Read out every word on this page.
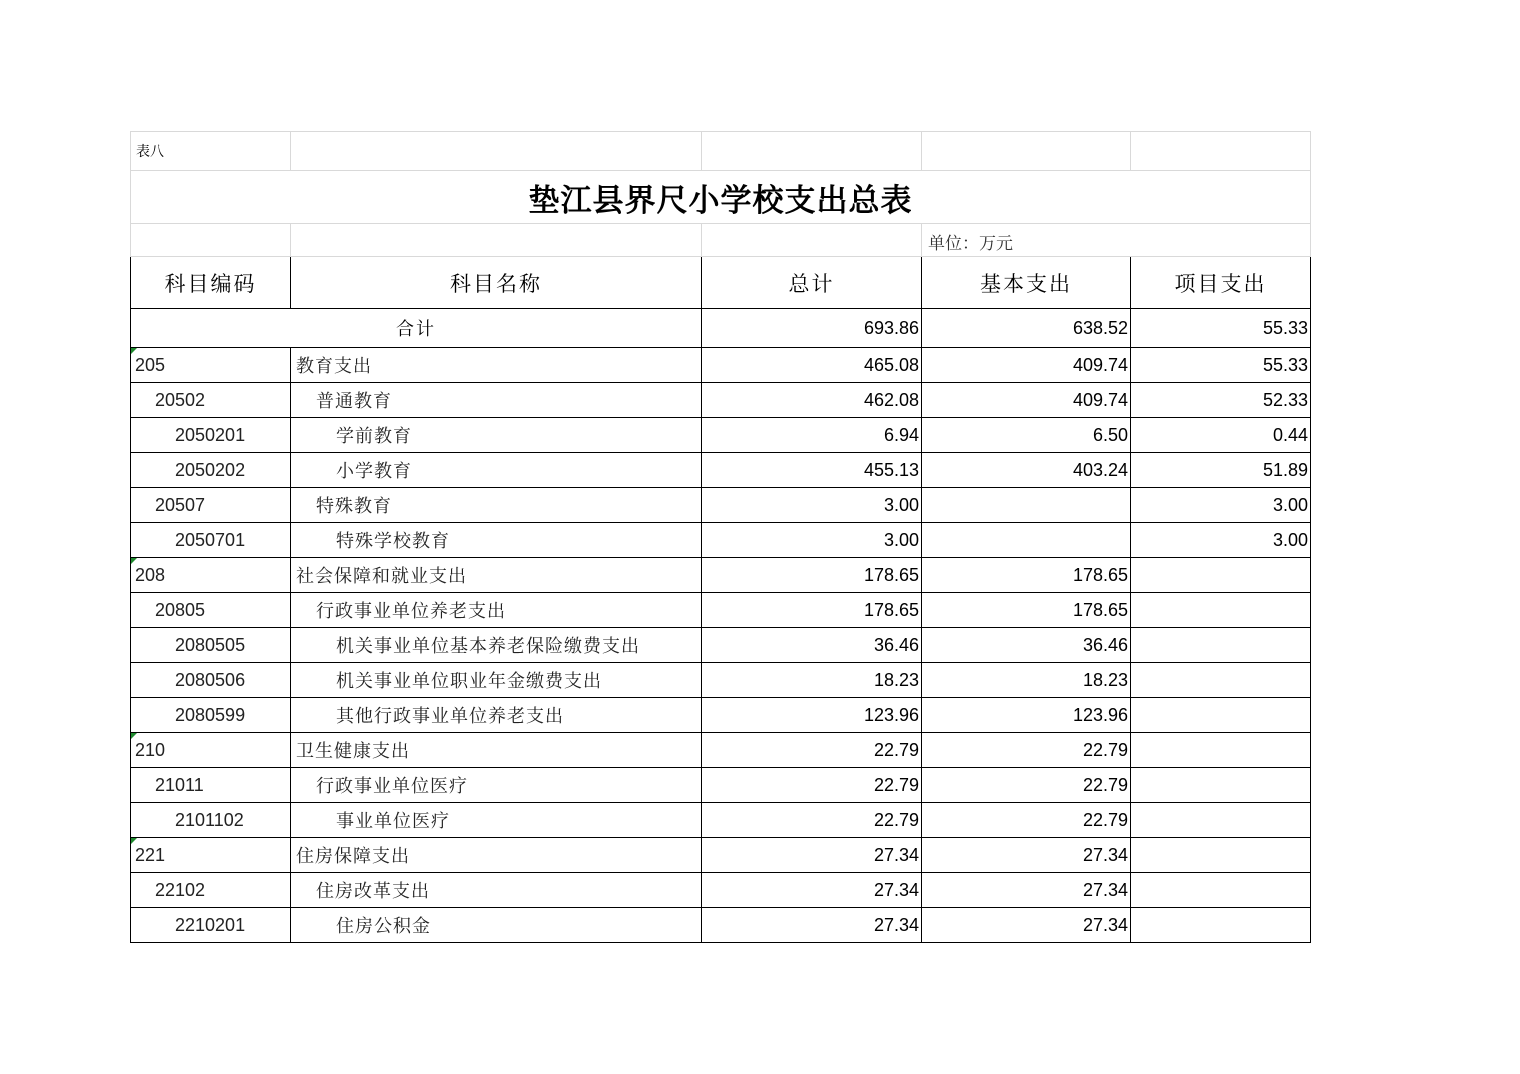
表八				
垫江县界尺小学校支出总表				
			单位：万元	
科目编码	科目名称	总计	基本支出	项目支出
合计		693.86	638.52	55.33

205	教育支出	465.08	409.74	55.33
20502	普通教育	462.08	409.74	52.33
2050201	学前教育	6.94	6.50	0.44
2050202	小学教育	455.13	403.24	51.89
20507	特殊教育	3.00		3.00
2050701	特殊学校教育	3.00		3.00

208	社会保障和就业支出	178.65	178.65	
20805	行政事业单位养老支出	178.65	178.65	
2080505	机关事业单位基本养老保险缴费支出	36.46	36.46	
2080506	机关事业单位职业年金缴费支出	18.23	18.23	
2080599	其他行政事业单位养老支出	123.96	123.96	

210	卫生健康支出	22.79	22.79	
21011	行政事业单位医疗	22.79	22.79	
2101102	事业单位医疗	22.79	22.79	

221	住房保障支出	27.34	27.34	
22102	住房改革支出	27.34	27.34	
2210201	住房公积金	27.34	27.34	
